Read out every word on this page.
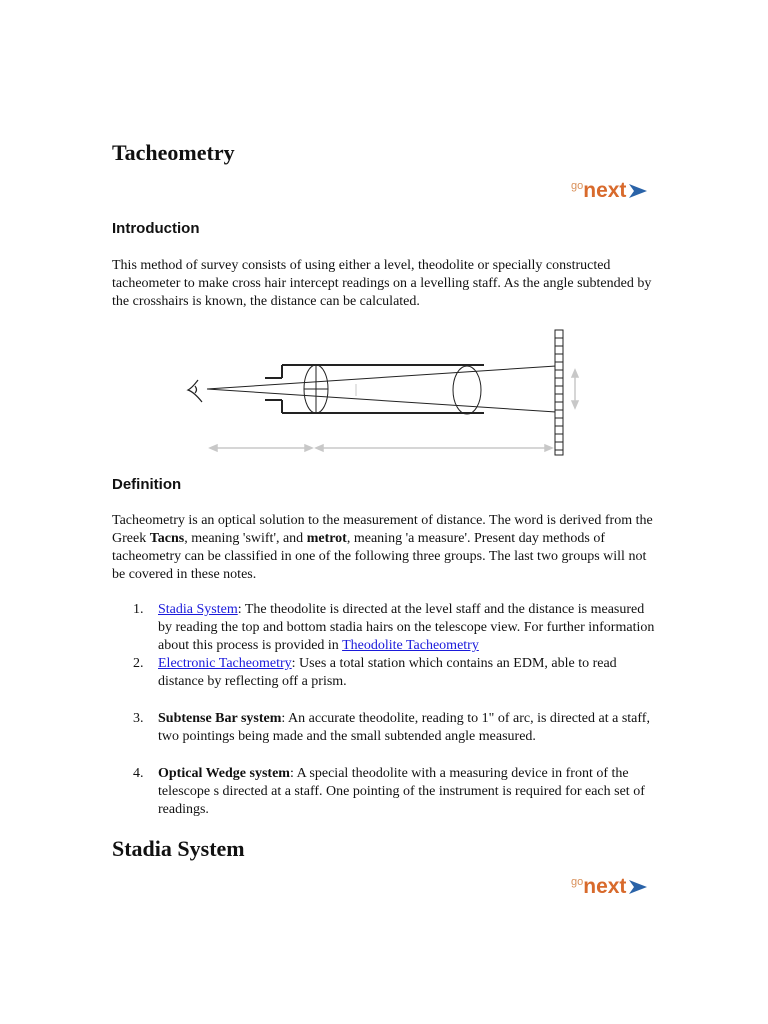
Tacheometry
go next
Introduction

This method of survey consists of using either a level, theodolite or specially constructed tacheometer to make cross hair intercept readings on a levelling staff. As the angle subtended by the crosshairs is known, the distance can be calculated.

Definition

Tacheometry is an optical solution to the measurement of distance. The word is derived from the Greek Tacns, meaning 'swift', and metrot, meaning 'a measure'. Present day methods of tacheometry can be classified in one of the following three groups. The last two groups will not be covered in these notes.

1. Stadia System: The theodolite is directed at the level staff and the distance is measured by reading the top and bottom stadia hairs on the telescope view. For further information about this process is provided in Theodolite Tacheometry
2. Electronic Tacheometry: Uses a total station which contains an EDM, able to read distance by reflecting off a prism.
3. Subtense Bar system: An accurate theodolite, reading to 1" of arc, is directed at a staff, two pointings being made and the small subtended angle measured.
4. Optical Wedge system: A special theodolite with a measuring device in front of the telescope s directed at a staff. One pointing of the instrument is required for each set of readings.
Stadia System
go next
